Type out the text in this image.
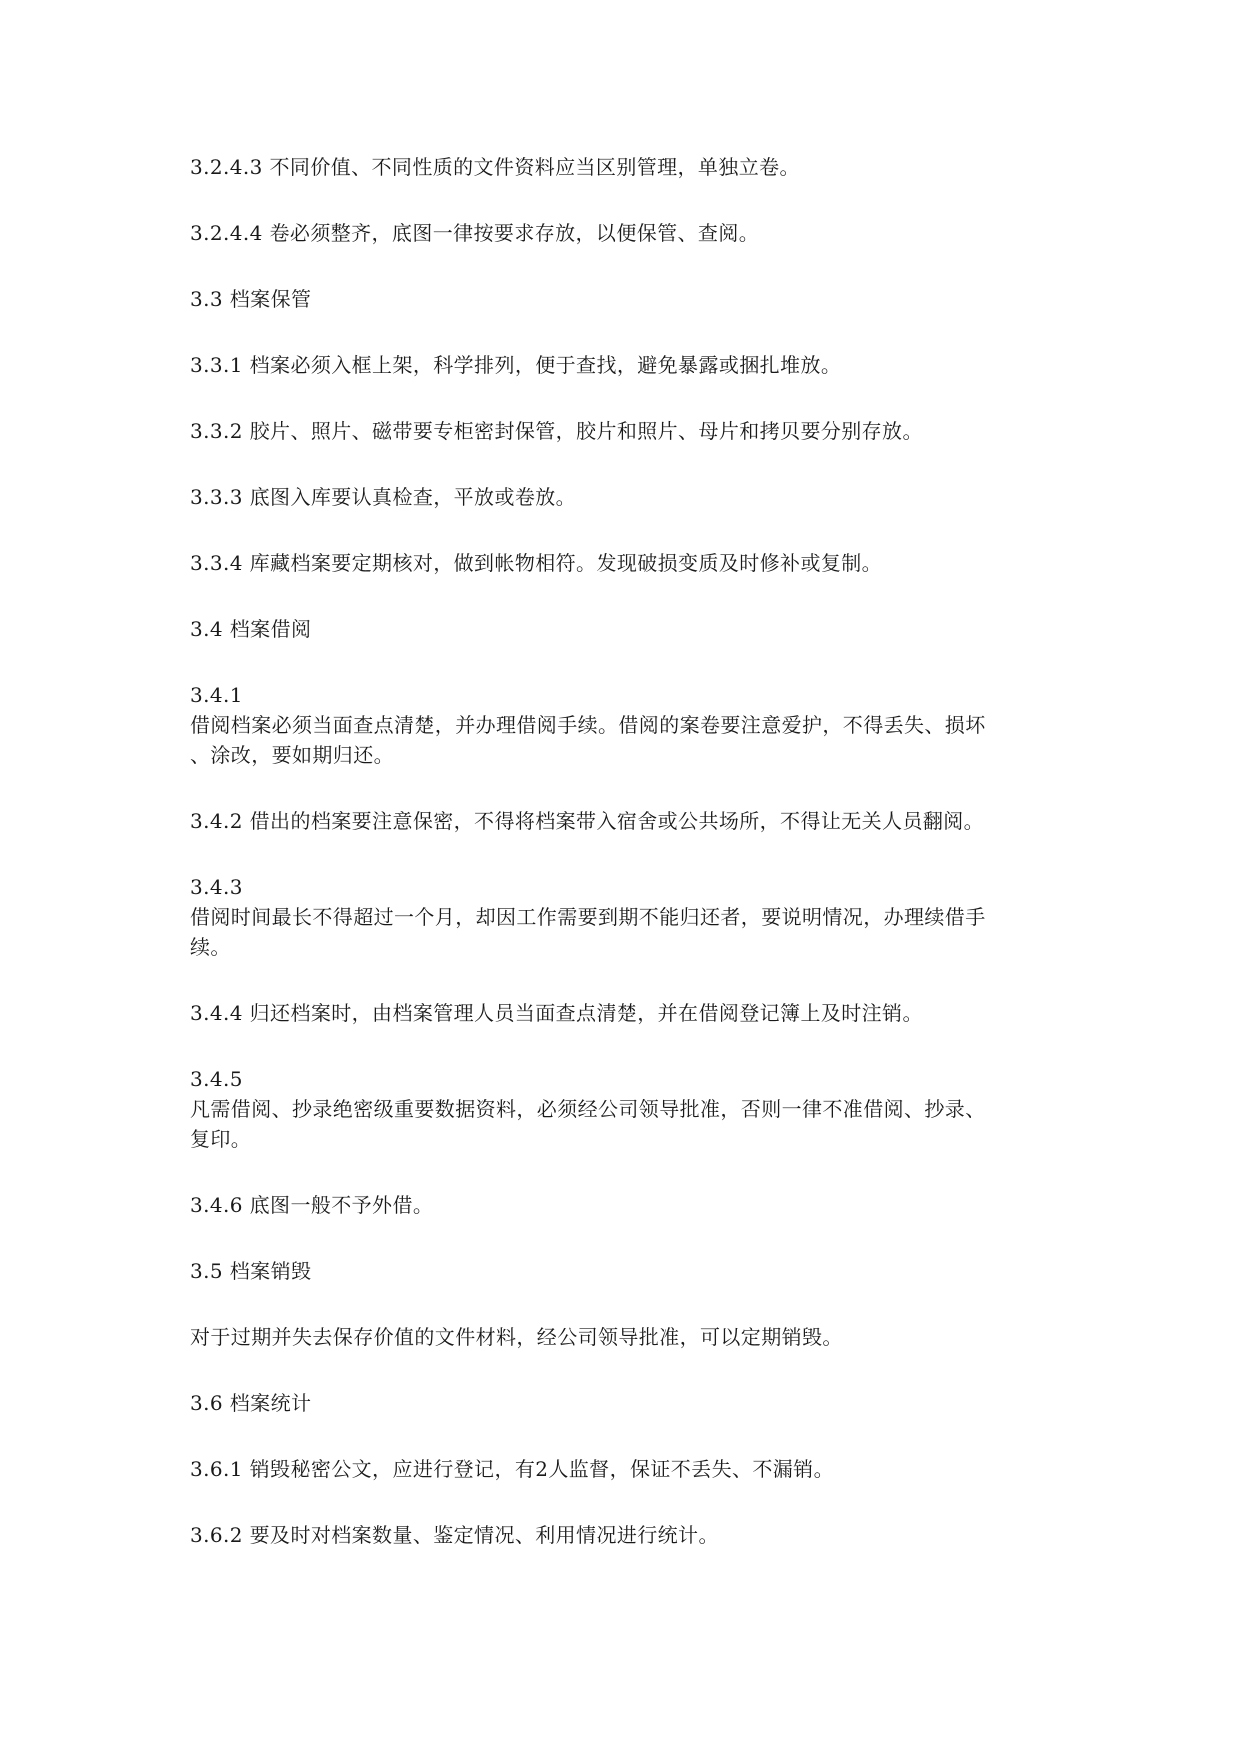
3.2.4.3 不同价值、不同性质的文件资料应当区别管理，单独立卷。

3.2.4.4 卷必须整齐，底图一律按要求存放，以便保管、查阅。

3.3 档案保管

3.3.1 档案必须入框上架，科学排列，便于查找，避免暴露或捆扎堆放。

3.3.2 胶片、照片、磁带要专柜密封保管，胶片和照片、母片和拷贝要分别存放。

3.3.3 底图入库要认真检查，平放或卷放。

3.3.4 库藏档案要定期核对，做到帐物相符。发现破损变质及时修补或复制。

3.4 档案借阅

3.4.1
借阅档案必须当面查点清楚，并办理借阅手续。借阅的案卷要注意爱护，不得丢失、损坏
、涂改，要如期归还。

3.4.2 借出的档案要注意保密，不得将档案带入宿舍或公共场所，不得让无关人员翻阅。

3.4.3
借阅时间最长不得超过一个月，却因工作需要到期不能归还者，要说明情况，办理续借手
续。

3.4.4 归还档案时，由档案管理人员当面查点清楚，并在借阅登记簿上及时注销。

3.4.5
凡需借阅、抄录绝密级重要数据资料，必须经公司领导批准，否则一律不准借阅、抄录、
复印。

3.4.6 底图一般不予外借。

3.5 档案销毁

对于过期并失去保存价值的文件材料，经公司领导批准，可以定期销毁。

3.6 档案统计

3.6.1 销毁秘密公文，应进行登记，有2人监督，保证不丢失、不漏销。

3.6.2 要及时对档案数量、鉴定情况、利用情况进行统计。
